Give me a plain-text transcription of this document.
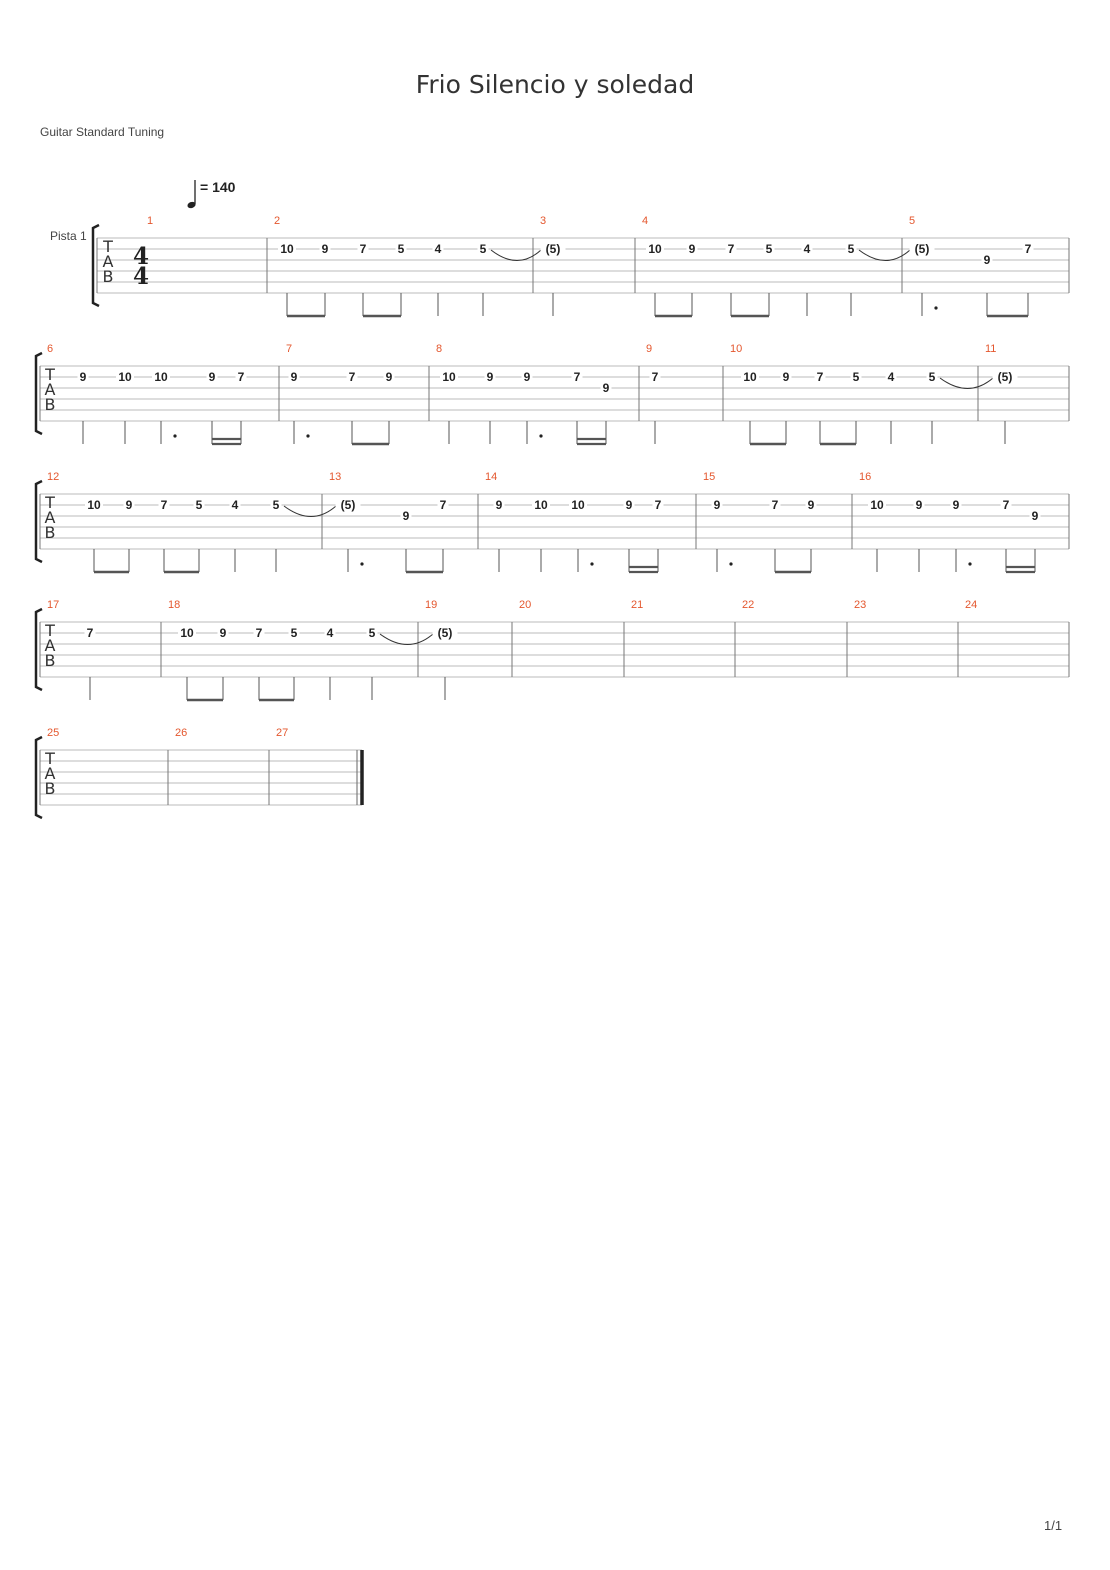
Frio Silencio y soledad
Guitar Standard Tuning
= 140
Pista 1
1/1
T
A
B
4
4
1	2
10 9	7	5	4	5
3
(5)
4
10 9	7	5	4	5
5
(5)
9
7
T
A
B
6
9	10 10	9 7
7
9	7	9
8
10	9	9	7
9
9
7
10
10 9 7 5 4	5
11
(5)
T
A
B
12
10 9 7 5 4	5
13
(5)
9
7
14
9	10 10	9 7
15
9	7 9
16
10	9	9	7
9
T
A
B
17
7
18
10 9 7 5 4	5
19
(5)
20	21	22	23	24
T
A
B
25	26	27
